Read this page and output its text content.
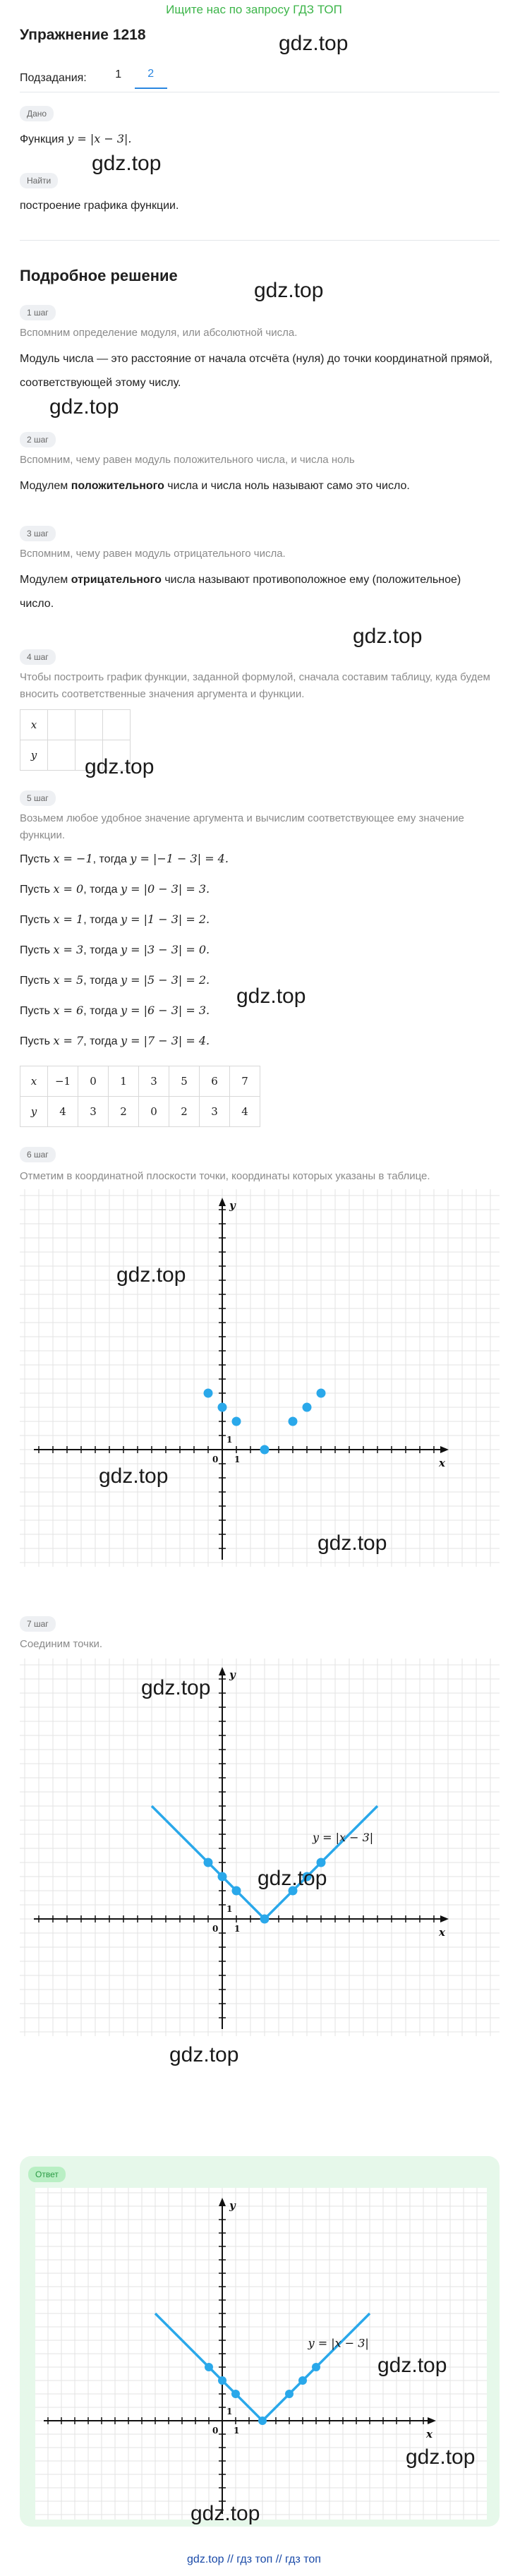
Ищите нас по запросу ГДЗ ТОП
Упражнение 1218
Подзадания:	1	2
Дано
Функция y = |x − 3|.
Найти
построение графика функции.
Подробное решение
1 шаг
Вспомним определение модуля, или абсолютной числа.
Модуль числа — это расстояние от начала отсчёта (нуля) до точки координатной прямой, соответствующей этому числу.
2 шаг
Вспомним, чему равен модуль положительного числа, и числа ноль
Модулем положительного числа и числа ноль называют само это число.
3 шаг
Вспомним, чему равен модуль отрицательного числа.
Модулем отрицательного числа называют противоположное ему (положительное) число.
4 шаг
Чтобы построить график функции, заданной формулой, сначала составим таблицу, куда будем вносить соответственные значения аргумента и функции.
x			
y			
5 шаг
Возьмем любое удобное значение аргумента и вычислим соответствующее ему значение функции.
Пусть x = −1, тогда y = |−1 − 3| = 4.
Пусть x = 0, тогда y = |0 − 3| = 3.
Пусть x = 1, тогда y = |1 − 3| = 2.
Пусть x = 3, тогда y = |3 − 3| = 0.
Пусть x = 5, тогда y = |5 − 3| = 2.
Пусть x = 6, тогда y = |6 − 3| = 3.
Пусть x = 7, тогда y = |7 − 3| = 4.
x	−1	0	1	3	5	6	7
y	4	3	2	0	2	3	4
6 шаг
Отметим в координатной плоскости точки, координаты которых указаны в таблице.
x
y
0 1
1
7 шаг
Соединим точки.
x
y
0 1
1
y = |x − 3|
Ответ
x
y
0 1
1
y = |x − 3|
gdz.top
gdz.top
gdz.top
gdz.top
gdz.top
gdz.top
gdz.top
gdz.top
gdz.top
gdz.top
gdz.top
gdz.top
gdz.top
gdz.top
gdz.top
gdz.top
gdz.top // гдз топ // гдз топ
